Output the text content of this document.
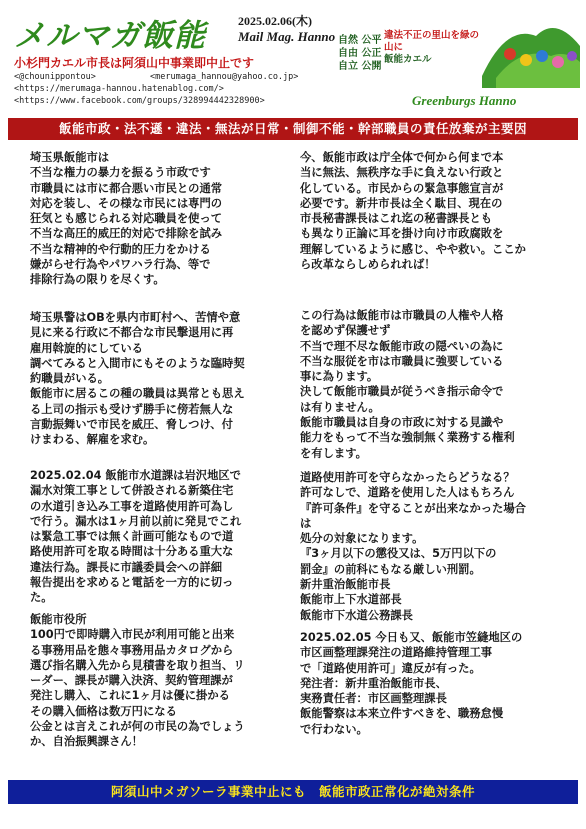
メルマガ飯能	2025.02.06(木)
Mail Mag. Hanno
小杉門カエル市長は阿須山中事業即中止です
<@chounippontou>	<merumaga_hannou@yahoo.co.jp>
<https://merumaga-hannou.hatenablog.com/>
<https://www.facebook.com/groups/328994442328900>
自然 公平
自由 公正
自立 公開
違法不正の里山を緑の山に
飯能カエル
Greenburgs Hanno
飯能市政・法不遜・違法・無法が日常・制御不能・幹部職員の責任放棄が主要因
埼玉県飯能市は
不当な権力の暴力を振るう市政です
市職員には市に都合悪い市民との通常
対応を装し、その様な市民には専門の
狂気とも感じられる対応職員を使って
不当な高圧的威圧的対応で排除を試み
不当な精神的や行動的圧力をかける
嫌がらせ行為やパワハラ行為、等で
排除行為の限りを尽くす。
埼玉県警はOBを県内市町村へ、苦情や意
見に来る行政に不都合な市民撃退用に再
雇用斡旋的にしている
調べてみると入間市にもそのような臨時契
約職員がいる。
飯能市に居るこの種の職員は異常とも思え
る上司の指示も受けず勝手に傍若無人な
言動振舞いで市民を威圧、脅しつけ、付
けまわる、解雇を求む。
2025.02.04 飯能市水道課は岩沢地区で
漏水対策工事として併設される新築住宅
の水道引き込み工事を道路使用許可為し
で行う。漏水は1ヶ月前以前に発見でこれ
は緊急工事では無く計画可能なもので道
路使用許可を取る時間は十分ある重大な
違法行為。課長に市議委員会への詳細
報告提出を求めると電話を一方的に切っ
た。
飯能市役所
100円で即時購入市民が利用可能と出来
る事務用品を態々事務用品カタログから
選び指名購入先から見積書を取り担当、リ
ーダー、課長が購入決済、契約管理課が
発注し購入、これに1ヶ月は優に掛かる
その購入価格は数万円になる
公金とは言えこれが何の市民の為でしょう
か、自治振興課さん！
今、飯能市政は庁全体で何から何まで本
当に無法、無秩序な手に負えない行政と
化している。市民からの緊急事態宣言が
必要です。新井市長は全く駄目、現在の
市長秘書課長はこれ迄の秘書課長とも
も異なり正論に耳を掛け向け市政腐敗を
理解しているように感じ、やや救い。ここか
ら改革ならしめられれば！
この行為は飯能市は市職員の人権や人格
を認めず保護せず
不当で理不尽な飯能市政の隠ぺいの為に
不当な服従を市は市職員に強要している
事に為ります。
決して飯能市職員が従うべき指示命令で
は有りません。
飯能市職員は自身の市政に対する見識や
能力をもって不当な強制無く業務する権利
を有します。
道路使用許可を守らなかったらどうなる？
許可なしで、道路を使用した人はもちろん
『許可条件』を守ることが出来なかった場合
は
処分の対象になります。
『3ヶ月以下の懲役又は、5万円以下の
罰金』の前科にもなる厳しい刑罰。
新井重治飯能市長
飯能市上下水道部長
飯能市下水道公務課長
2025.02.05 今日も又、飯能市笠縫地区の
市区画整理課発注の道路維持管理工事
で「道路使用許可」違反が有った。
発注者：新井重治飯能市長、
実務責任者：市区画整理課長
飯能警察は本来立件すべきを、職務怠慢
で行わない。
阿須山中メガソーラ事業中止にも　飯能市政正常化が絶対条件
